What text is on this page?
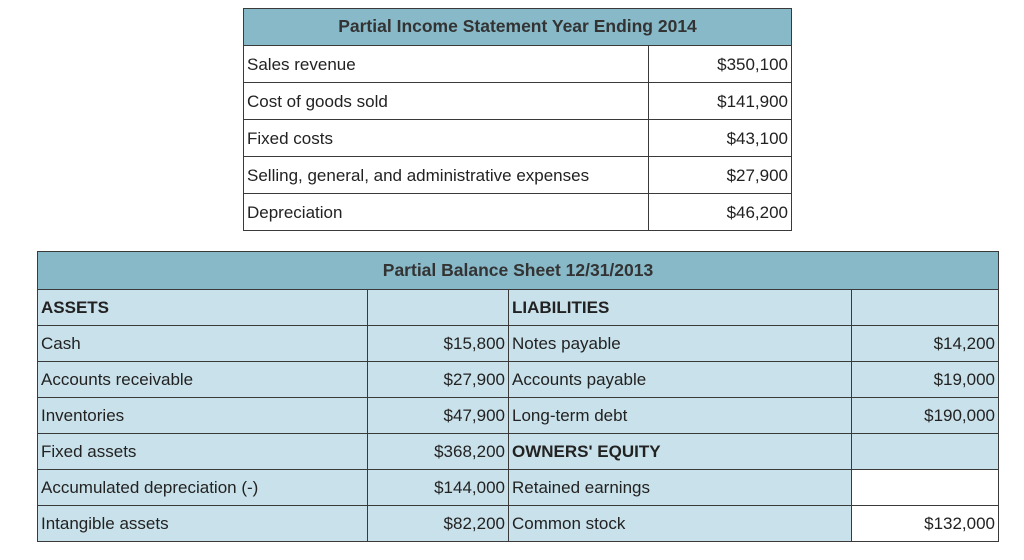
Partial Income Statement Year Ending 2014	
Sales revenue	$350,100
Cost of goods sold	$141,900
Fixed costs	$43,100
Selling, general, and administrative expenses	$27,900
Depreciation	$46,200
Partial Balance Sheet 12/31/2013			
ASSETS		LIABILITIES	
Cash	$15,800	Notes payable	$14,200
Accounts receivable	$27,900	Accounts payable	$19,000
Inventories	$47,900	Long-term debt	$190,000
Fixed assets	$368,200	OWNERS' EQUITY	
Accumulated depreciation (-)	$144,000	Retained earnings	
Intangible assets	$82,200	Common stock	$132,000
